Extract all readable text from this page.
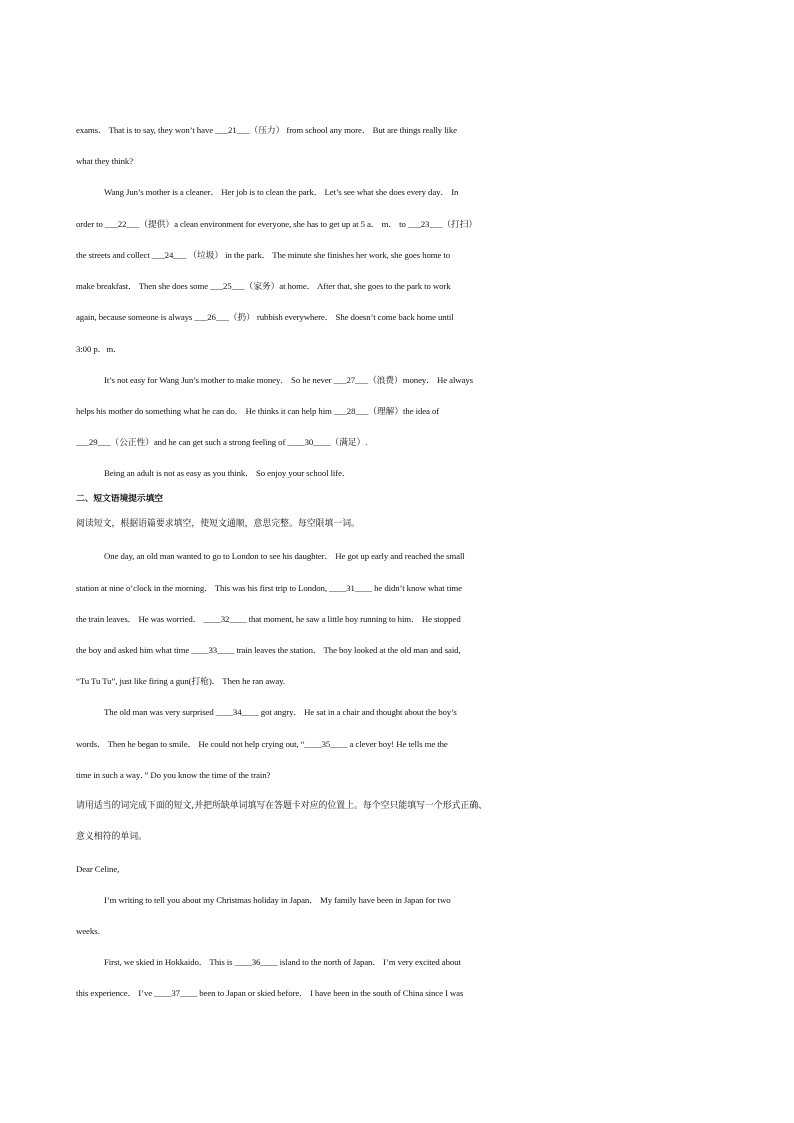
exams． That is to say, they won’t have ___21___（压力） from school any more． But are things really like
what they think?
Wang Jun’s mother is a cleaner． Her job is to clean the park． Let’s see what she does every day． In
order to ___22___（提供）a clean environment for everyone, she has to get up at 5 a． m． to ___23___（打扫）
the streets and collect ___24___ （垃圾） in the park． The minute she finishes her work, she goes home to
make breakfast． Then she does some ___25___（家务）at home． After that, she goes to the park to work
again, because someone is always ___26___（扔） rubbish everywhere． She doesn’t come back home until
3:00 p．m．
It’s not easy for Wang Jun’s mother to make money． So he never ___27___（浪费）money． He always
helps his mother do something what he can do． He thinks it can help him ___28___（理解）the idea of
___29___（公正性）and he can get such a strong feeling of ____30____（满足）.
Being an adult is not as easy as you think． So enjoy your school life．
二、短文语境提示填空
阅读短文，根据语篇要求填空，使短文通顺，意思完整。每空限填一词。
One day, an old man wanted to go to London to see his daughter． He got up early and reached the small
station at nine o’clock in the morning． This was his first trip to London, ____31____ he didn’t know what time
the train leaves． He was worried． ____32____ that moment, he saw a little boy running to him． He stopped
the boy and asked him what time ____33____ train leaves the station． The boy looked at the old man and said,
“Tu Tu Tu”, just like firing a gun(打枪)． Then he ran away.
The old man was very surprised ____34____ got angry． He sat in a chair and thought about the boy’s
words． Then he began to smile． He could not help crying out, “____35____ a clever boy! He tells me the
time in such a way．” Do you know the time of the train?
请用适当的词完成下面的短文,并把所缺单词填写在答题卡对应的位置上。每个空只能填写一个形式正确、
意义相符的单词。
Dear Celine,
I’m writing to tell you about my Christmas holiday in Japan． My family have been in Japan for two
weeks．
First, we skied in Hokkaido． This is ____36____ island to the north of Japan． I’m very excited about
this experience． I’ve ____37____ been to Japan or skied before． I have been in the south of China since I was
